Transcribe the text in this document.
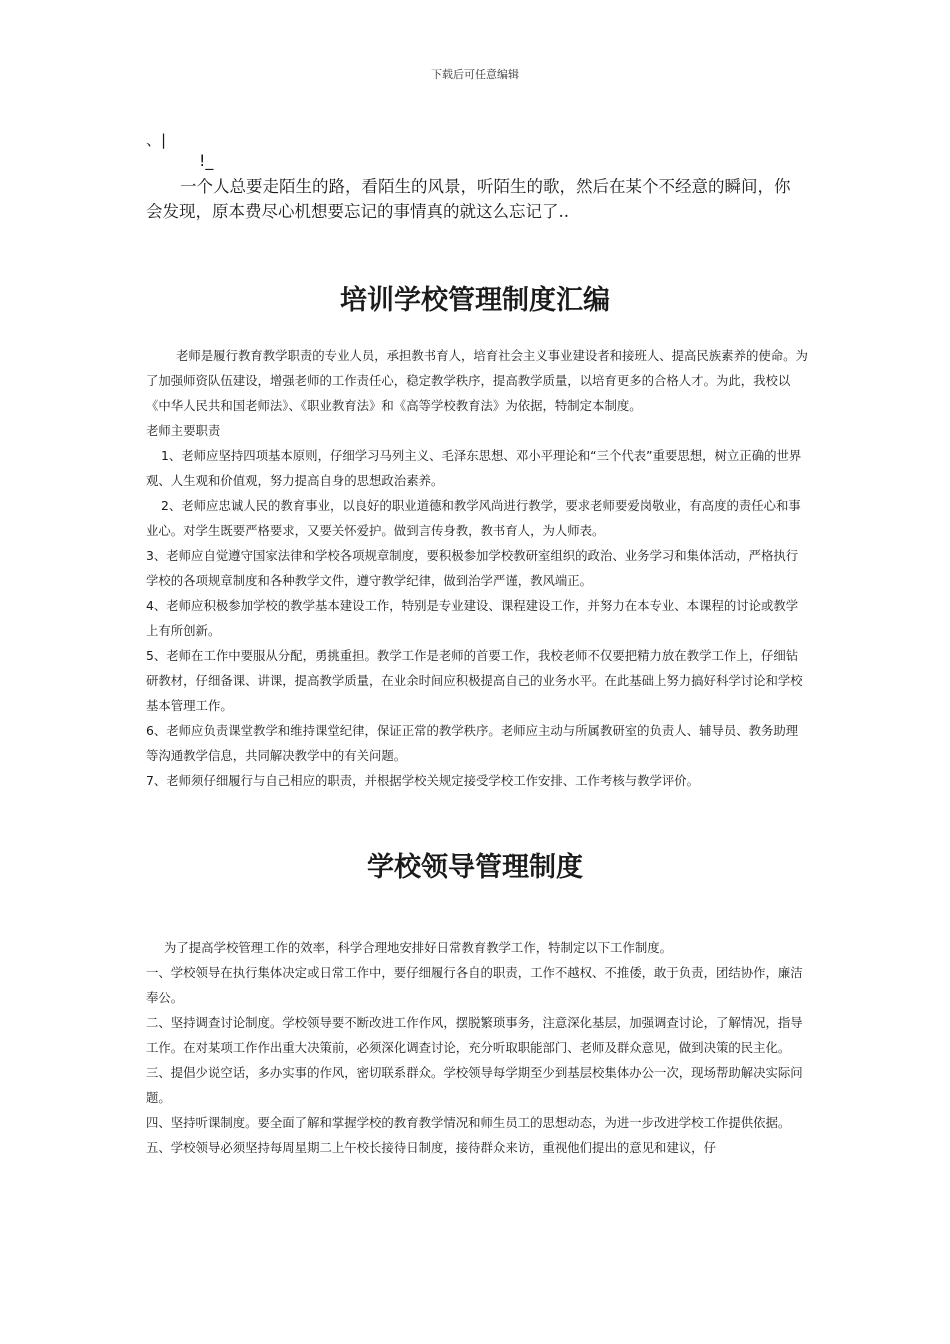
下载后可任意编辑
、|
!_
一个人总要走陌生的路，看陌生的风景，听陌生的歌，然后在某个不经意的瞬间，你会发现，原本费尽心机想要忘记的事情真的就这么忘记了..
培训学校管理制度汇编

老师是履行教育教学职责的专业人员，承担教书育人，培育社会主义事业建设者和接班人、提高民族素养的使命。为了加强师资队伍建设，增强老师的工作责任心，稳定教学秩序，提高教学质量，以培育更多的合格人才。为此，我校以《中华人民共和国老师法》、《职业教育法》和《高等学校教育法》为依据，特制定本制度。

老师主要职责

1、老师应坚持四项基本原则，仔细学习马列主义、毛泽东思想、邓小平理论和“三个代表”重要思想，树立正确的世界观、人生观和价值观，努力提高自身的思想政治素养。

2、老师应忠诚人民的教育事业，以良好的职业道德和教学风尚进行教学，要求老师要爱岗敬业，有高度的责任心和事业心。对学生既要严格要求，又要关怀爱护。做到言传身教，教书育人，为人师表。

3、老师应自觉遵守国家法律和学校各项规章制度，要积极参加学校教研室组织的政治、业务学习和集体活动，严格执行学校的各项规章制度和各种教学文件，遵守教学纪律，做到治学严谨，教风端正。

4、老师应积极参加学校的教学基本建设工作，特别是专业建设、课程建设工作，并努力在本专业、本课程的讨论或教学上有所创新。

5、老师在工作中要服从分配，勇挑重担。教学工作是老师的首要工作，我校老师不仅要把精力放在教学工作上，仔细钻研教材，仔细备课、讲课，提高教学质量，在业余时间应积极提高自己的业务水平。在此基础上努力搞好科学讨论和学校基本管理工作。

6、老师应负责课堂教学和维持课堂纪律，保证正常的教学秩序。老师应主动与所属教研室的负责人、辅导员、教务助理等沟通教学信息，共同解决教学中的有关问题。

7、老师须仔细履行与自己相应的职责，并根据学校关规定接受学校工作安排、工作考核与教学评价。

学校领导管理制度

为了提高学校管理工作的效率，科学合理地安排好日常教育教学工作，特制定以下工作制度。

一、学校领导在执行集体决定或日常工作中，要仔细履行各自的职责，工作不越权、不推倭，敢于负责，团结协作，廉洁奉公。

二、坚持调查讨论制度。学校领导要不断改进工作作风，摆脱繁琐事务，注意深化基层，加强调查讨论，了解情况，指导工作。在对某项工作作出重大决策前，必须深化调查讨论，充分听取职能部门、老师及群众意见，做到决策的民主化。

三、提倡少说空话，多办实事的作风，密切联系群众。学校领导每学期至少到基层校集体办公一次，现场帮助解决实际问题。

四、坚持听课制度。要全面了解和掌握学校的教育教学情况和师生员工的思想动态，为进一步改进学校工作提供依据。

五、学校领导必须坚持每周星期二上午校长接待日制度，接待群众来访，重视他们提出的意见和建议，仔
